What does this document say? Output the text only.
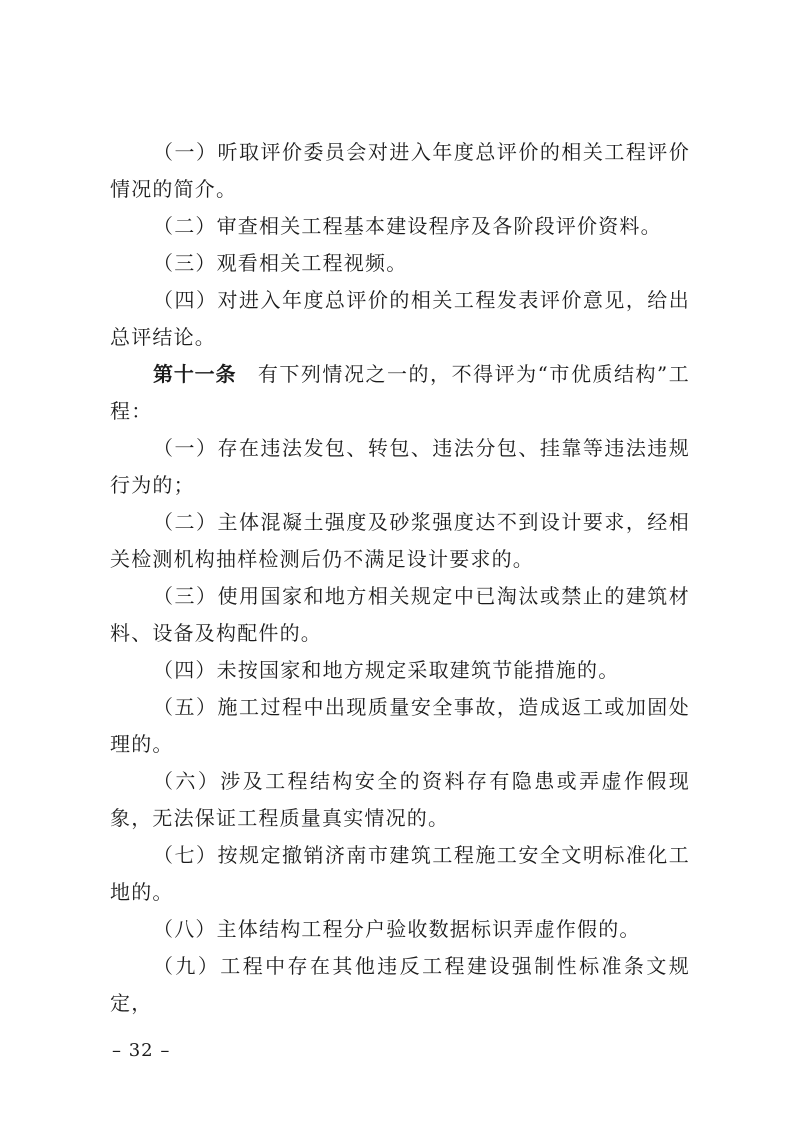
（一）听取评价委员会对进入年度总评价的相关工程评价情况的简介。

（二）审查相关工程基本建设程序及各阶段评价资料。

（三）观看相关工程视频。

（四）对进入年度总评价的相关工程发表评价意见，给出总评结论。

第十一条　有下列情况之一的，不得评为“市优质结构”工程：

（一）存在违法发包、转包、违法分包、挂靠等违法违规行为的；

（二）主体混凝土强度及砂浆强度达不到设计要求，经相关检测机构抽样检测后仍不满足设计要求的。

（三）使用国家和地方相关规定中已淘汰或禁止的建筑材料、设备及构配件的。

（四）未按国家和地方规定采取建筑节能措施的。

（五）施工过程中出现质量安全事故，造成返工或加固处理的。

（六）涉及工程结构安全的资料存有隐患或弄虚作假现象，无法保证工程质量真实情况的。

（七）按规定撤销济南市建筑工程施工安全文明标准化工地的。

（八）主体结构工程分户验收数据标识弄虚作假的。

（九）工程中存在其他违反工程建设强制性标准条文规定，

– 32 –
